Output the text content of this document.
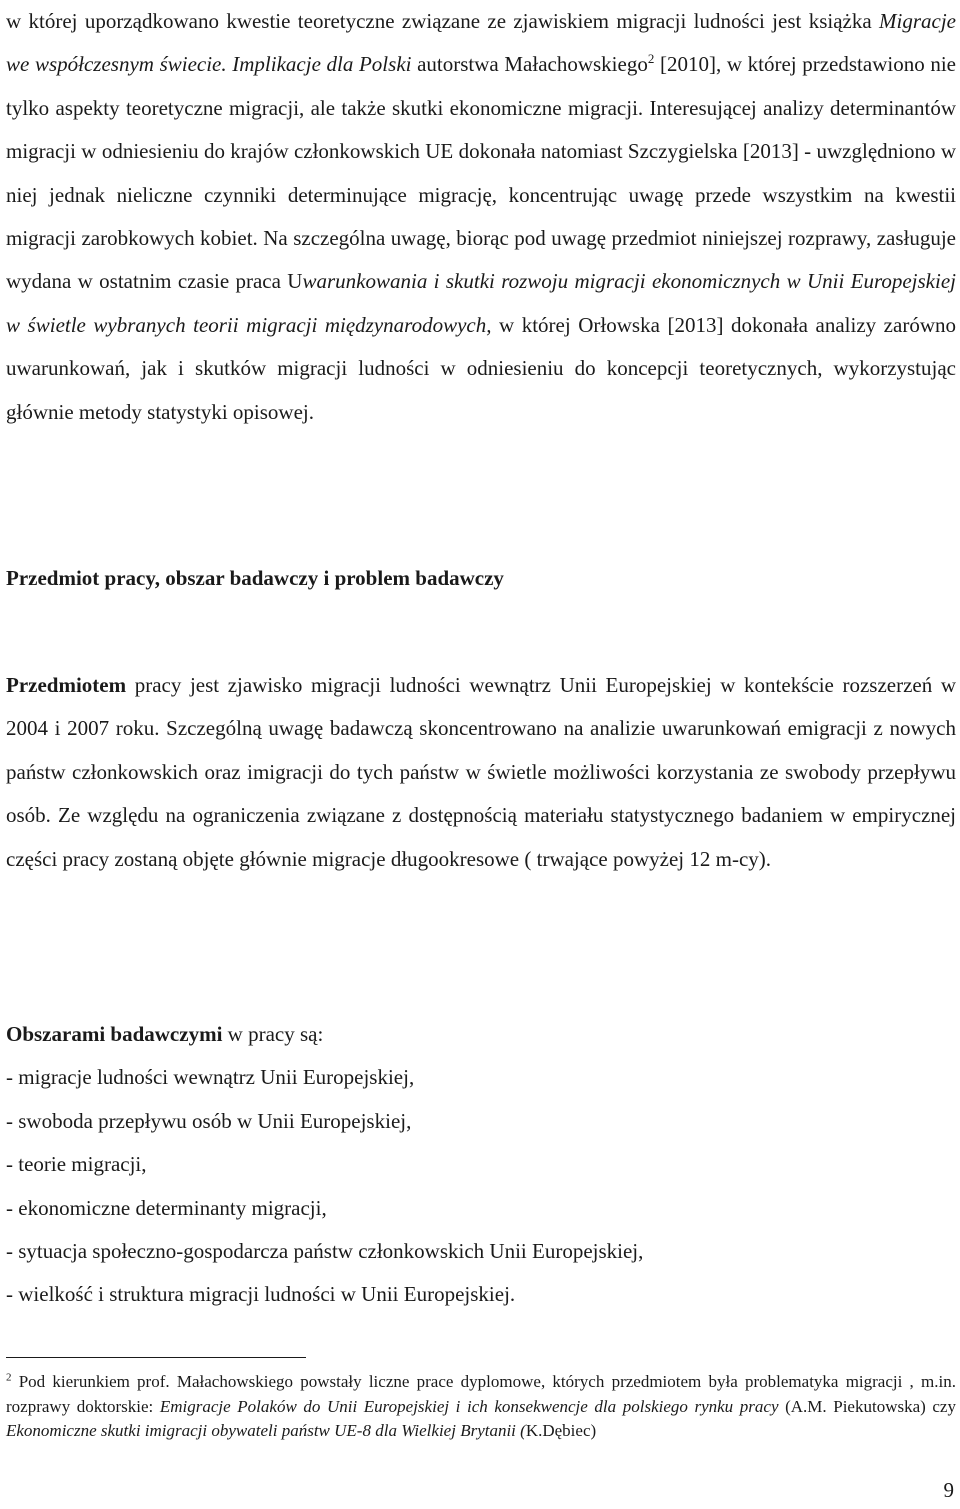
w której uporządkowano kwestie teoretyczne związane ze zjawiskiem migracji ludności jest książka Migracje we współczesnym świecie. Implikacje dla Polski autorstwa Małachowskiego$^2$ [2010], w której przedstawiono nie tylko aspekty teoretyczne migracji, ale także skutki ekonomiczne migracji. Interesującej analizy determinantów migracji w odniesieniu do krajów członkowskich UE dokonała natomiast Szczygielska [2013] - uwzględniono w niej jednak nieliczne czynniki determinujące migrację, koncentrując uwagę przede wszystkim na kwestii migracji zarobkowych kobiet. Na szczególna uwagę, biorąc pod uwagę przedmiot niniejszej rozprawy, zasługuje wydana w ostatnim czasie praca Uwarunkowania i skutki rozwoju migracji ekonomicznych w Unii Europejskiej w świetle wybranych teorii migracji międzynarodowych, w której Orłowska [2013] dokonała analizy zarówno uwarunkowań, jak i skutków migracji ludności w odniesieniu do koncepcji teoretycznych, wykorzystując głównie metody statystyki opisowej.

Przedmiot pracy, obszar badawczy i problem badawczy

Przedmiotem pracy jest zjawisko migracji ludności wewnątrz Unii Europejskiej w kontekście rozszerzeń w 2004 i 2007 roku. Szczególną uwagę badawczą skoncentrowano na analizie uwarunkowań emigracji z nowych państw członkowskich oraz imigracji do tych państw w świetle możliwości korzystania ze swobody przepływu osób. Ze względu na ograniczenia związane z dostępnością materiału statystycznego badaniem w empirycznej części pracy zostaną objęte głównie migracje długookresowe ( trwające powyżej 12 m-cy).

Obszarami badawczymi w pracy są:

- migracje ludności wewnątrz Unii Europejskiej,

- swoboda przepływu osób w Unii Europejskiej,

- teorie migracji,

- ekonomiczne determinanty migracji,

- sytuacja społeczno-gospodarcza państw członkowskich Unii Europejskiej,

- wielkość i struktura migracji ludności w Unii Europejskiej.

$^2$ Pod kierunkiem prof. Małachowskiego powstały liczne prace dyplomowe, których przedmiotem była problematyka migracji , m.in. rozprawy doktorskie: Emigracje Polaków do Unii Europejskiej i ich konsekwencje dla polskiego rynku pracy (A.M. Piekutowska) czy Ekonomiczne skutki imigracji obywateli państw UE-8 dla Wielkiej Brytanii (K.Dębiec)

9
